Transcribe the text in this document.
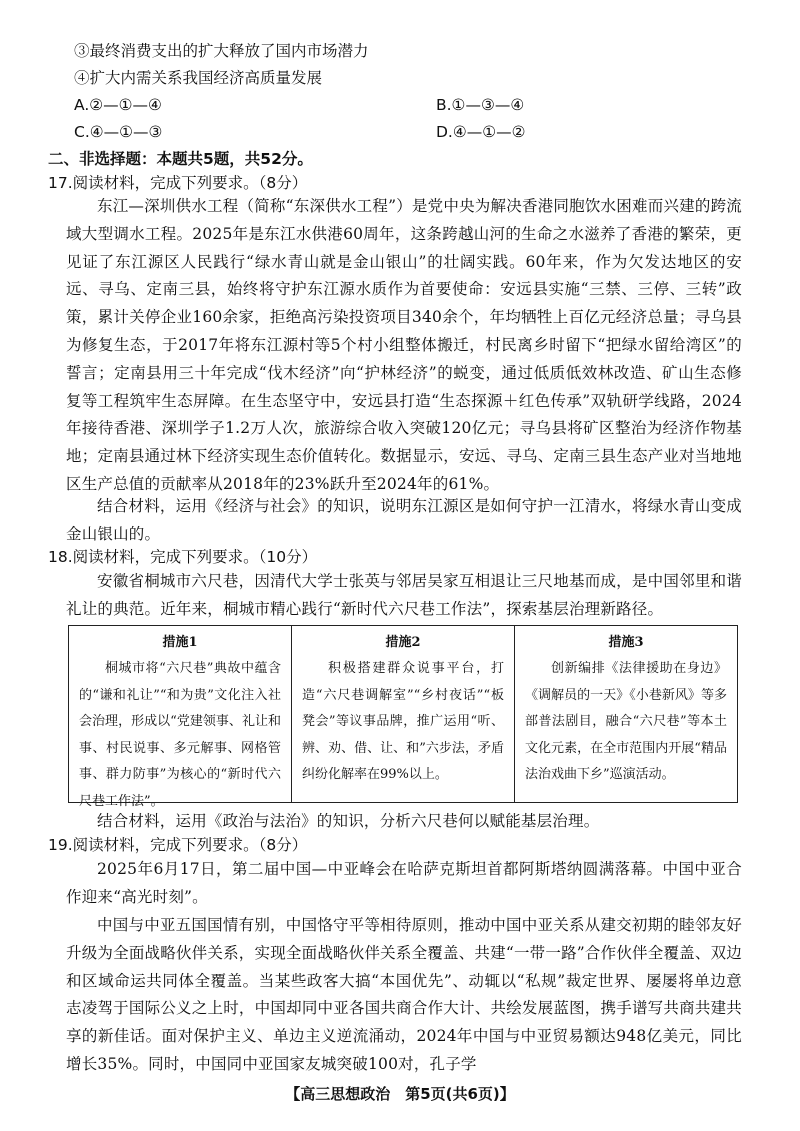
③最终消费支出的扩大释放了国内市场潜力
④扩大内需关系我国经济高质量发展
A.②—①—④	B.①—③—④
C.④—①—③	D.④—①—②
二、非选择题：本题共5题，共52分。
17.阅读材料，完成下列要求。（8分）
东江—深圳供水工程（简称“东深供水工程”）是党中央为解决香港同胞饮水困难而兴建的跨流域大型调水工程。2025年是东江水供港60周年，这条跨越山河的生命之水滋养了香港的繁荣，更见证了东江源区人民践行“绿水青山就是金山银山”的壮阔实践。60年来，作为欠发达地区的安远、寻乌、定南三县，始终将守护东江源水质作为首要使命：安远县实施“三禁、三停、三转”政策，累计关停企业160余家，拒绝高污染投资项目340余个，年均牺牲上百亿元经济总量；寻乌县为修复生态，于2017年将东江源村等5个村小组整体搬迁，村民离乡时留下“把绿水留给湾区”的誓言；定南县用三十年完成“伐木经济”向“护林经济”的蜕变，通过低质低效林改造、矿山生态修复等工程筑牢生态屏障。在生态坚守中，安远县打造“生态探源＋红色传承”双轨研学线路，2024年接待香港、深圳学子1.2万人次，旅游综合收入突破120亿元；寻乌县将矿区整治为经济作物基地；定南县通过林下经济实现生态价值转化。数据显示，安远、寻乌、定南三县生态产业对当地地区生产总值的贡献率从2018年的23%跃升至2024年的61%。
结合材料，运用《经济与社会》的知识，说明东江源区是如何守护一江清水，将绿水青山变成金山银山的。
18.阅读材料，完成下列要求。（10分）
安徽省桐城市六尺巷，因清代大学士张英与邻居吴家互相退让三尺地基而成，是中国邻里和谐礼让的典范。近年来，桐城市精心践行“新时代六尺巷工作法”，探索基层治理新路径。
措施1
桐城市将“六尺巷”典故中蕴含的“谦和礼让”“和为贵”文化注入社会治理，形成以“党建领事、礼让和事、村民说事、多元解事、网格管事、群力防事”为核心的“新时代六尺巷工作法”。

措施2
积极搭建群众说事平台，打造“六尺巷调解室”“乡村夜话”“板凳会”等议事品牌，推广运用“听、辨、劝、借、让、和”六步法，矛盾纠纷化解率在99%以上。

措施3
创新编排《法律援助在身边》《调解员的一天》《小巷新风》等多部普法剧目，融合“六尺巷”等本土文化元素，在全市范围内开展“精品法治戏曲下乡”巡演活动。
结合材料，运用《政治与法治》的知识，分析六尺巷何以赋能基层治理。
19.阅读材料，完成下列要求。（8分）
2025年6月17日，第二届中国—中亚峰会在哈萨克斯坦首都阿斯塔纳圆满落幕。中国中亚合作迎来“高光时刻”。
中国与中亚五国国情有别，中国恪守平等相待原则，推动中国中亚关系从建交初期的睦邻友好升级为全面战略伙伴关系，实现全面战略伙伴关系全覆盖、共建“一带一路”合作伙伴全覆盖、双边和区域命运共同体全覆盖。当某些政客大搞“本国优先”、动辄以“私规”裁定世界、屡屡将单边意志凌驾于国际公义之上时，中国却同中亚各国共商合作大计、共绘发展蓝图，携手谱写共商共建共享的新佳话。面对保护主义、单边主义逆流涌动，2024年中国与中亚贸易额达948亿美元，同比增长35%。同时，中国同中亚国家友城突破100对，孔子学
【高三思想政治　第5页(共6页)】
